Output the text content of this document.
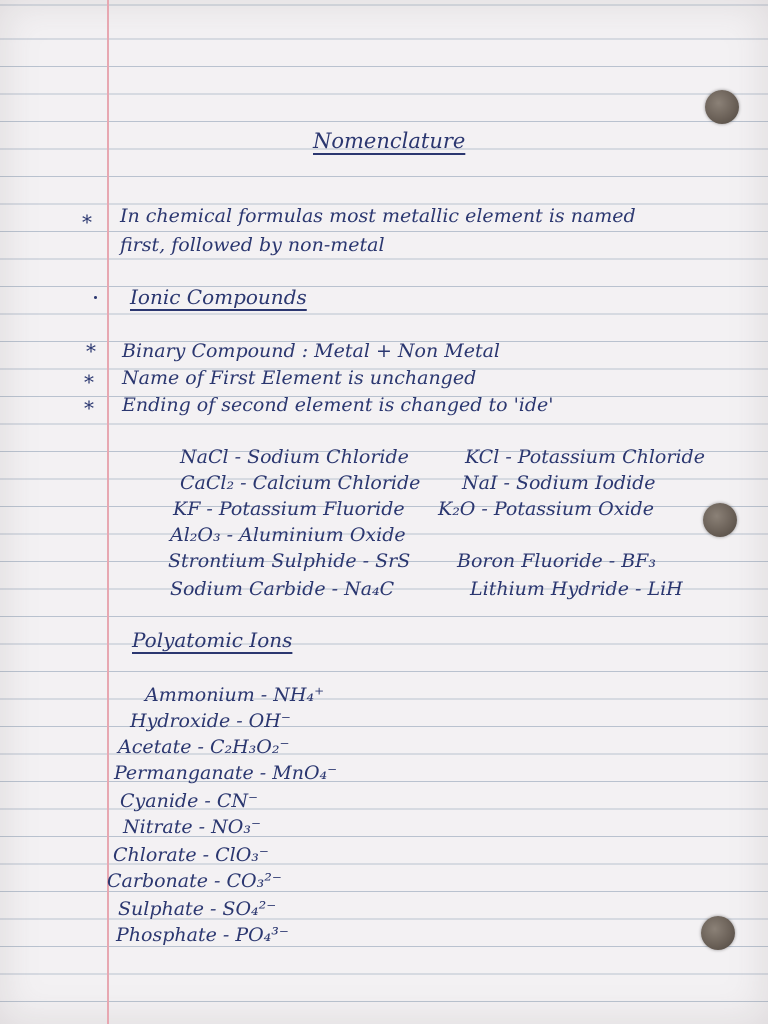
Nomenclature
* In chemical formulas most metallic element is named
first, followed by non-metal
Ionic Compounds
* Binary Compound : Metal + Non Metal
* Name of First Element is unchanged
* Ending of second element is changed to 'ide'
NaCl - Sodium Chloride	KCl - Potassium Chloride
CaCl₂ - Calcium Chloride NaI - Sodium Iodide
KF - Potassium Fluoride K₂O - Potassium Oxide
Al₂O₃ - Aluminium Oxide
Strontium Sulphide - SrS Boron Fluoride - BF₃
Sodium Carbide - Na₄C	Lithium Hydride - LiH
Polyatomic Ions
Ammonium - NH₄⁺
Hydroxide - OH⁻
Acetate - C₂H₃O₂⁻
Permanganate - MnO₄⁻
Cyanide - CN⁻
Nitrate - NO₃⁻
Chlorate - ClO₃⁻
Carbonate - CO₃²⁻
Sulphate - SO₄²⁻
Phosphate - PO₄³⁻
